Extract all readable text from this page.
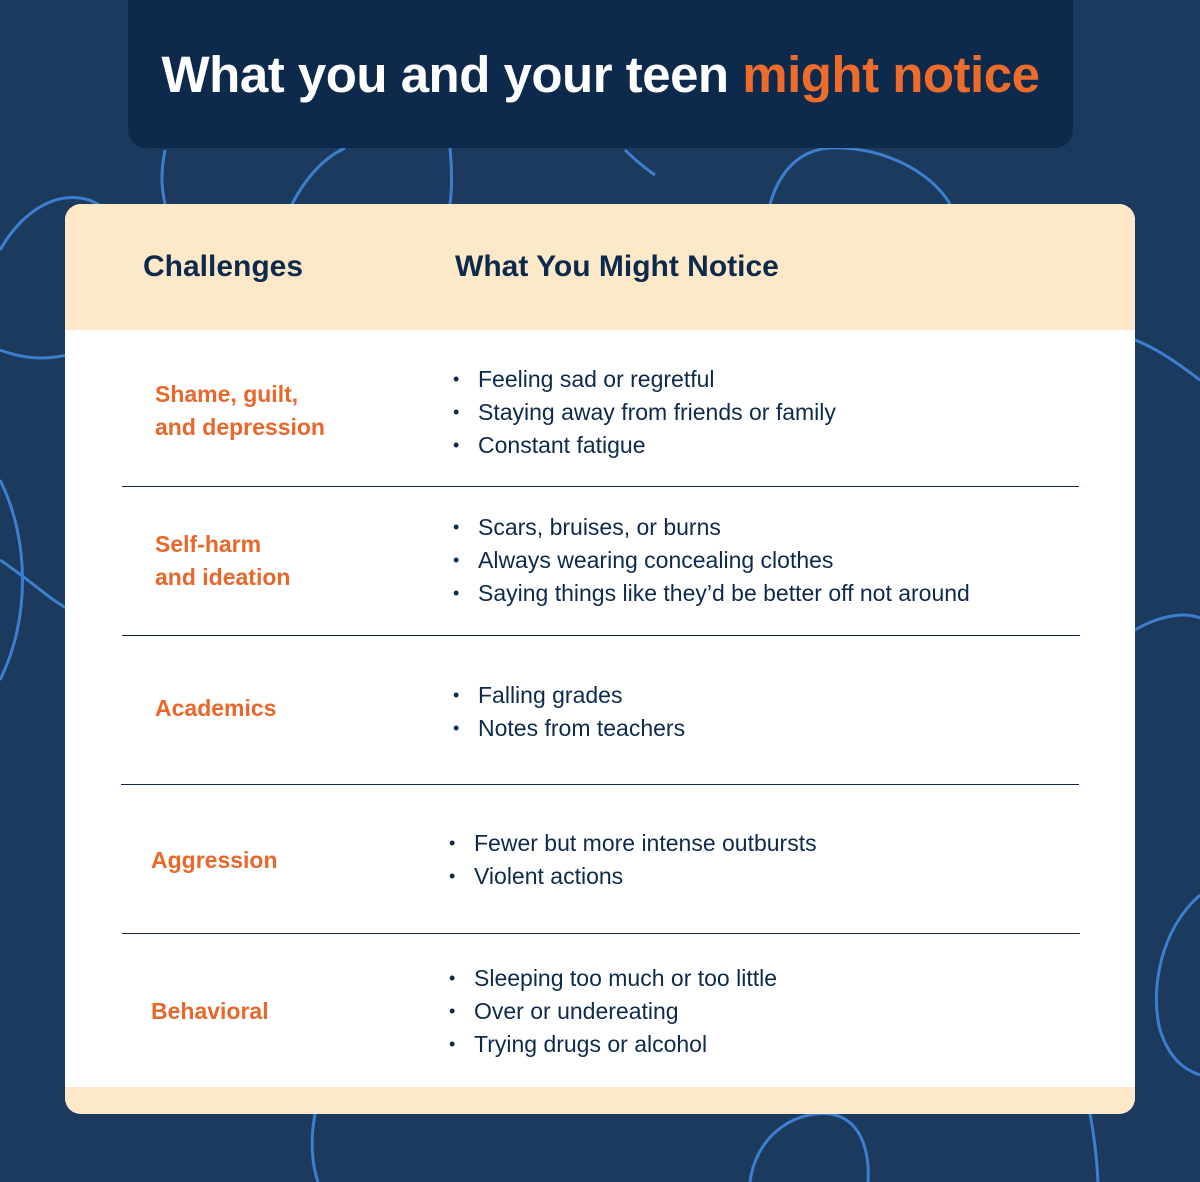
What you and your teen might notice
Challenges	What You Might Notice
Shame, guilt,
and depression
• Feeling sad or regretful
• Staying away from friends or family
• Constant fatigue
Self-harm
and ideation
• Scars, bruises, or burns
• Always wearing concealing clothes
• Saying things like they’d be better off not around
Academics
•	Falling grades
• Notes from teachers
Aggression
• Fewer but more intense outbursts
• Violent actions
Behavioral
• Sleeping too much or too little
• Over or undereating
• Trying drugs or alcohol
